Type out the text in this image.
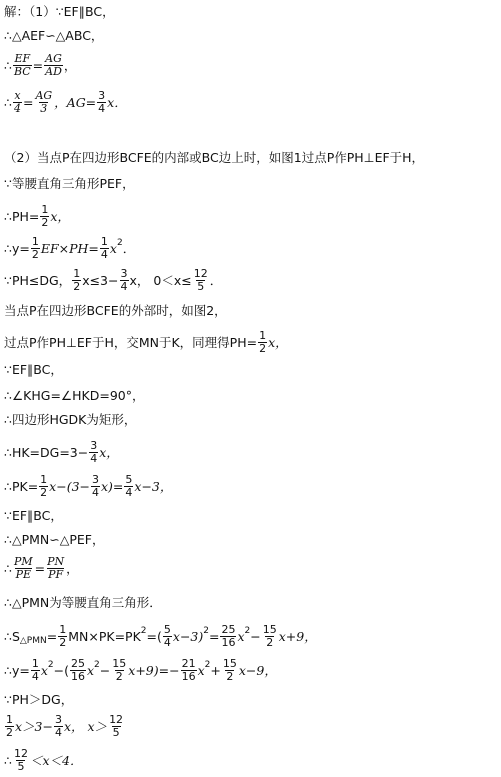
解：（1）∵EF∥BC，
∴△AEF∽△ABC，
∴ $\frac{EF}{BC} = \frac{AG}{AD}$ ，
∴ $\frac{x}{4} = \frac{AG}{3}$ ，$AG= \frac{3}{4}$ x．
（2）当点P在四边形BCFE的内部或BC边上时，如图1过点P作PH⊥EF于H，
∵等腰直角三角形PEF，
∴PH= $\frac{1}{2}$ x，
∴y= $\frac{1}{2} EF\times PH= \frac{1}{4}$ x 2 ．
∵PH≤DG， $\frac{1}{2} x\le 3- \frac{3}{4}$ x， $0<x\le \frac{12}{5}$ ．
当点P在四边形BCFE的外部时，如图2，
过点P作PH⊥EF于H，交MN于K，同理得$PH= \frac{1}{2}$ x，
∵EF∥BC，
∴∠KHG=∠HKD=90°，
∴四边形HGDK为矩形，
∴HK=DG=3− $\frac{3}{4}$ x，
∴PK= $\frac{1}{2} x-(3- \frac{3}{4} x)= \frac{5}{4} x-3$，
∵EF∥BC，
∴△PMN∽△PEF，
∴ $\frac{PM}{PE} = \frac{PN}{PF}$ ，
∴△PMN为等腰直角三角形．
∴S △PMN = $\frac{1}{2} MN\times PK=PK$ 2 =( $\frac{5}{4} x-3$) $2 = \frac{25}{16}$ x $2 - \frac{15}{2} x+9$，
∴y= $\frac{1}{4}$ x 2 −( $\frac{25}{16}$ x $2 - \frac{15}{2} x+9)=- \frac{21}{16}$ x $2 + \frac{15}{2} x-9$，
∵PH＞DG，
$\frac{1}{2} x>3- \frac{3}{4}$ x， $x> \frac{12}{5}$
∴ $\frac{12}{5} <x<4$．
